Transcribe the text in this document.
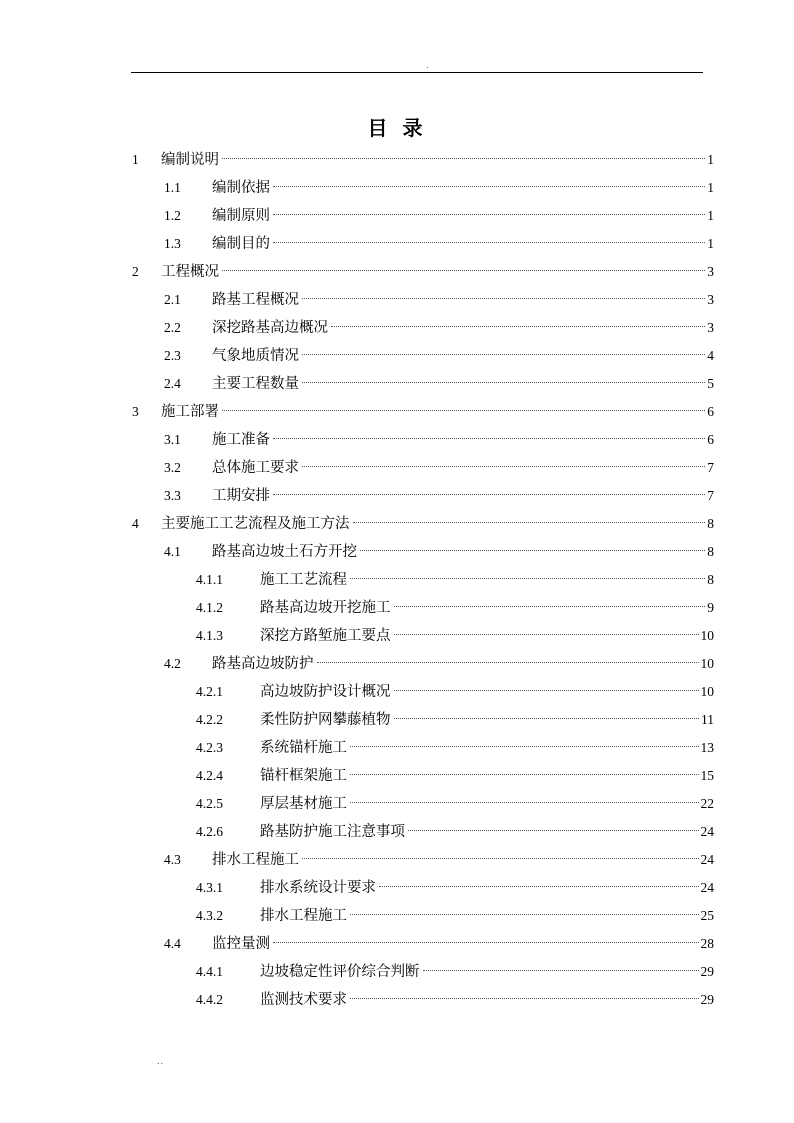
.
目 录
1 编制说明	1
1.1 编制依据	1
1.2 编制原则	1
1.3 编制目的	1
2 工程概况	3
2.1 路基工程概况	3
2.2 深挖路基高边概况	3
2.3 气象地质情况	4
2.4 主要工程数量	5
3 施工部署	6
3.1 施工准备	6
3.2 总体施工要求	7
3.3 工期安排	7
4 主要施工工艺流程及施工方法	8
4.1 路基高边坡土石方开挖	8
4.1.1	施工工艺流程	8
4.1.2	路基高边坡开挖施工	9
4.1.3	深挖方路堑施工要点	10
4.2 路基高边坡防护	10
4.2.1	高边坡防护设计概况	10
4.2.2	柔性防护网攀藤植物	11
4.2.3	系统锚杆施工	13
4.2.4	锚杆框架施工	15
4.2.5	厚层基材施工	22
4.2.6	路基防护施工注意事项	24
4.3 排水工程施工	24
4.3.1	排水系统设计要求	24
4.3.2	排水工程施工	25
4.4 监控量测	28
4.4.1	边坡稳定性评价综合判断	29
4.4.2	监测技术要求	29
..
